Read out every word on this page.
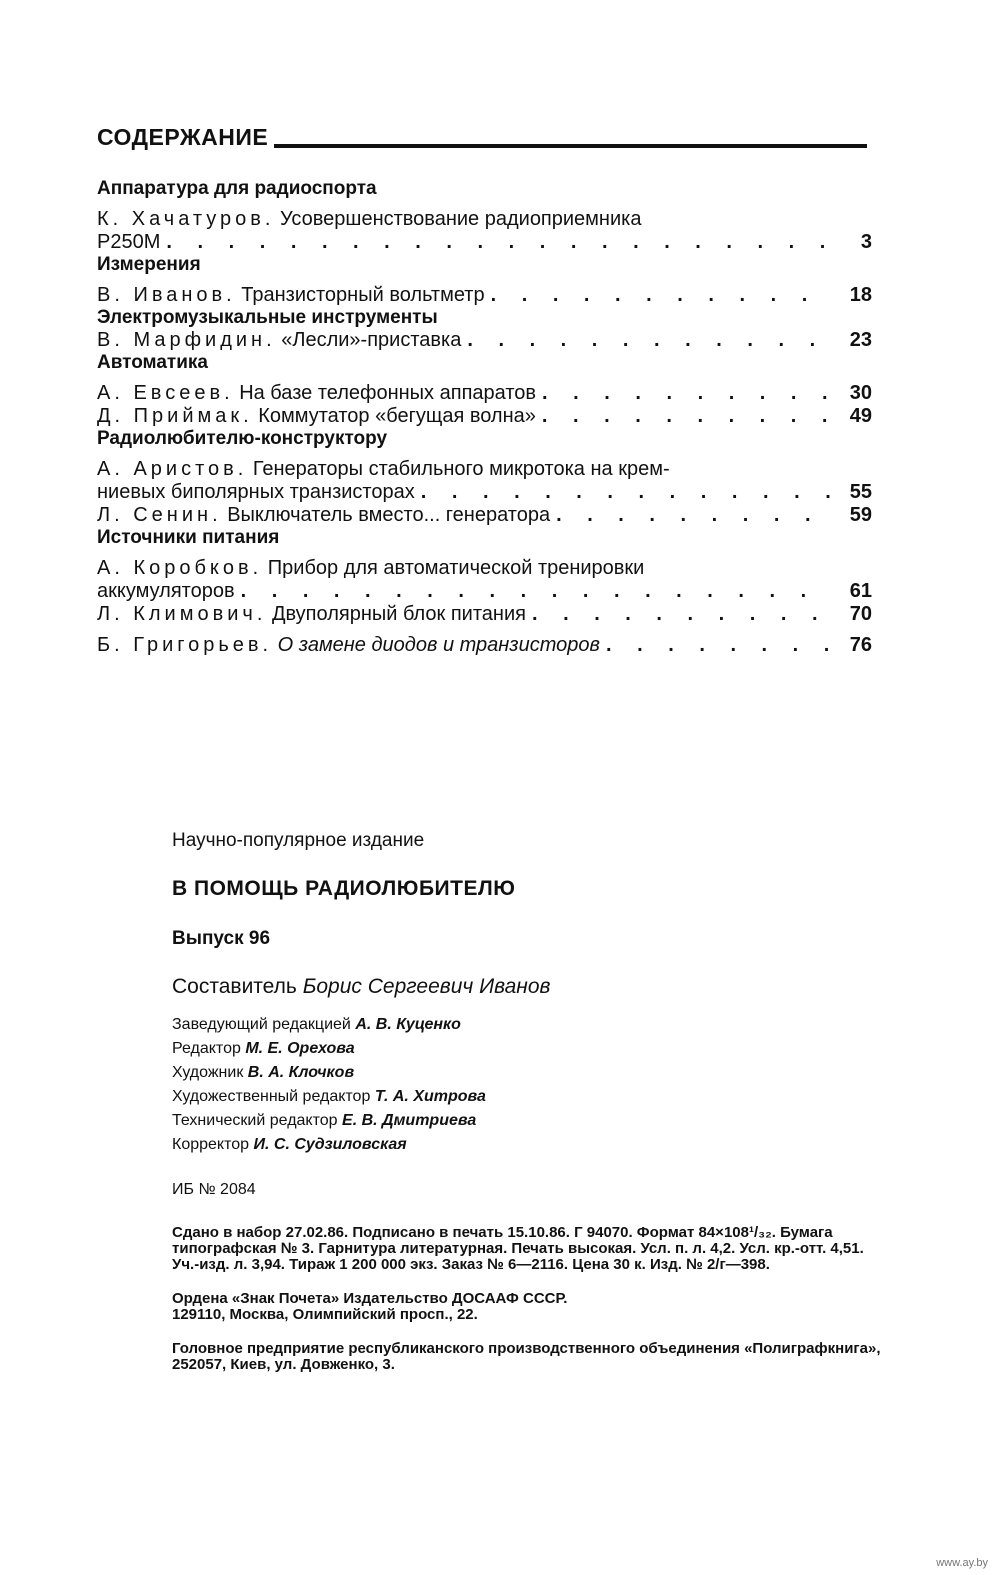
СОДЕРЖАНИЕ
Аппаратура для радиоспорта
К. Хачатуров. Усовершенствование радиоприемника
Р250М . . .	3
Измерения
В. Иванов. Транзисторный вольтметр . . .	18
Электромузыкальные инструменты
В. Марфидин. «Лесли»-приставка . . .	23
Автоматика
А. Евсеев. На базе телефонных аппаратов . . .	30
Д. Приймак. Коммутатор «бегущая волна» . . .	49
Радиолюбителю-конструктору
А. Аристов. Генераторы стабильного микротока на крем-
ниевых биполярных транзисторах . . .	55
Л. Сенин. Выключатель вместо... генератора . . .	59
Источники питания
А. Коробков. Прибор для автоматической тренировки
аккумуляторов . . .	61
Л. Климович. Двуполярный блок питания . . .	70
Б. Григорьев. О замене диодов и транзисторов . . .	76
Научно-популярное издание
В ПОМОЩЬ РАДИОЛЮБИТЕЛЮ
Выпуск 96
Составитель Борис Сергеевич Иванов
Заведующий редакцией А. В. Куценко
Редактор М. Е. Орехова
Художник В. А. Клочков
Художественный редактор Т. А. Хитрова
Технический редактор Е. В. Дмитриева
Корректор И. С. Судзиловская
ИБ № 2084
Сдано в набор 27.02.86. Подписано в печать 15.10.86. Г 94070. Формат 84×108¹/₃₂. Бумага типографская № 3. Гарнитура литературная. Печать высокая. Усл. п. л. 4,2. Усл. кр.-отт. 4,51. Уч.-изд. л. 3,94. Тираж 1 200 000 экз. Заказ № 6—2116. Цена 30 к. Изд. № 2/г—398.
Ордена «Знак Почета» Издательство ДОСААФ СССР.
129110, Москва, Олимпийский просп., 22.
Головное предприятие республиканского производственного объединения «Полиграфкнига», 252057, Киев, ул. Довженко, 3.
www.ay.by
